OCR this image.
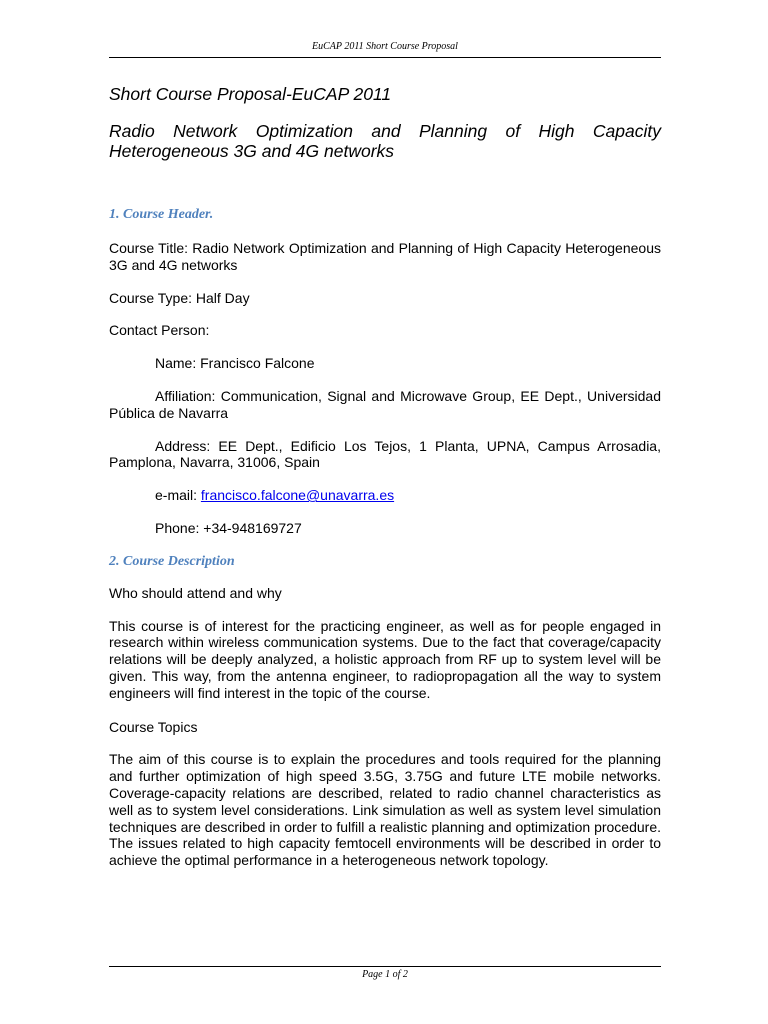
EuCAP 2011 Short Course Proposal

Short Course Proposal-EuCAP 2011

Radio Network Optimization and Planning of High Capacity Heterogeneous 3G and 4G networks

1. Course Header.

Course Title: Radio Network Optimization and Planning of High Capacity Heterogeneous 3G and 4G networks

Course Type: Half Day

Contact Person:

Name: Francisco Falcone

Affiliation: Communication, Signal and Microwave Group, EE Dept., Universidad Pública de Navarra

Address: EE Dept., Edificio Los Tejos, 1 Planta, UPNA, Campus Arrosadia, Pamplona, Navarra, 31006, Spain

e-mail: francisco.falcone@unavarra.es

Phone: +34-948169727

2. Course Description

Who should attend and why

This course is of interest for the practicing engineer, as well as for people engaged in research within wireless communication systems. Due to the fact that coverage/capacity relations will be deeply analyzed, a holistic approach from RF up to system level will be given. This way, from the antenna engineer, to radiopropagation all the way to system engineers will find interest in the topic of the course.

Course Topics

The aim of this course is to explain the procedures and tools required for the planning and further optimization of high speed 3.5G, 3.75G and future LTE mobile networks. Coverage-capacity relations are described, related to radio channel characteristics as well as to system level considerations. Link simulation as well as system level simulation techniques are described in order to fulfill a realistic planning and optimization procedure. The issues related to high capacity femtocell environments will be described in order to achieve the optimal performance in a heterogeneous network topology.

Page 1 of 2
